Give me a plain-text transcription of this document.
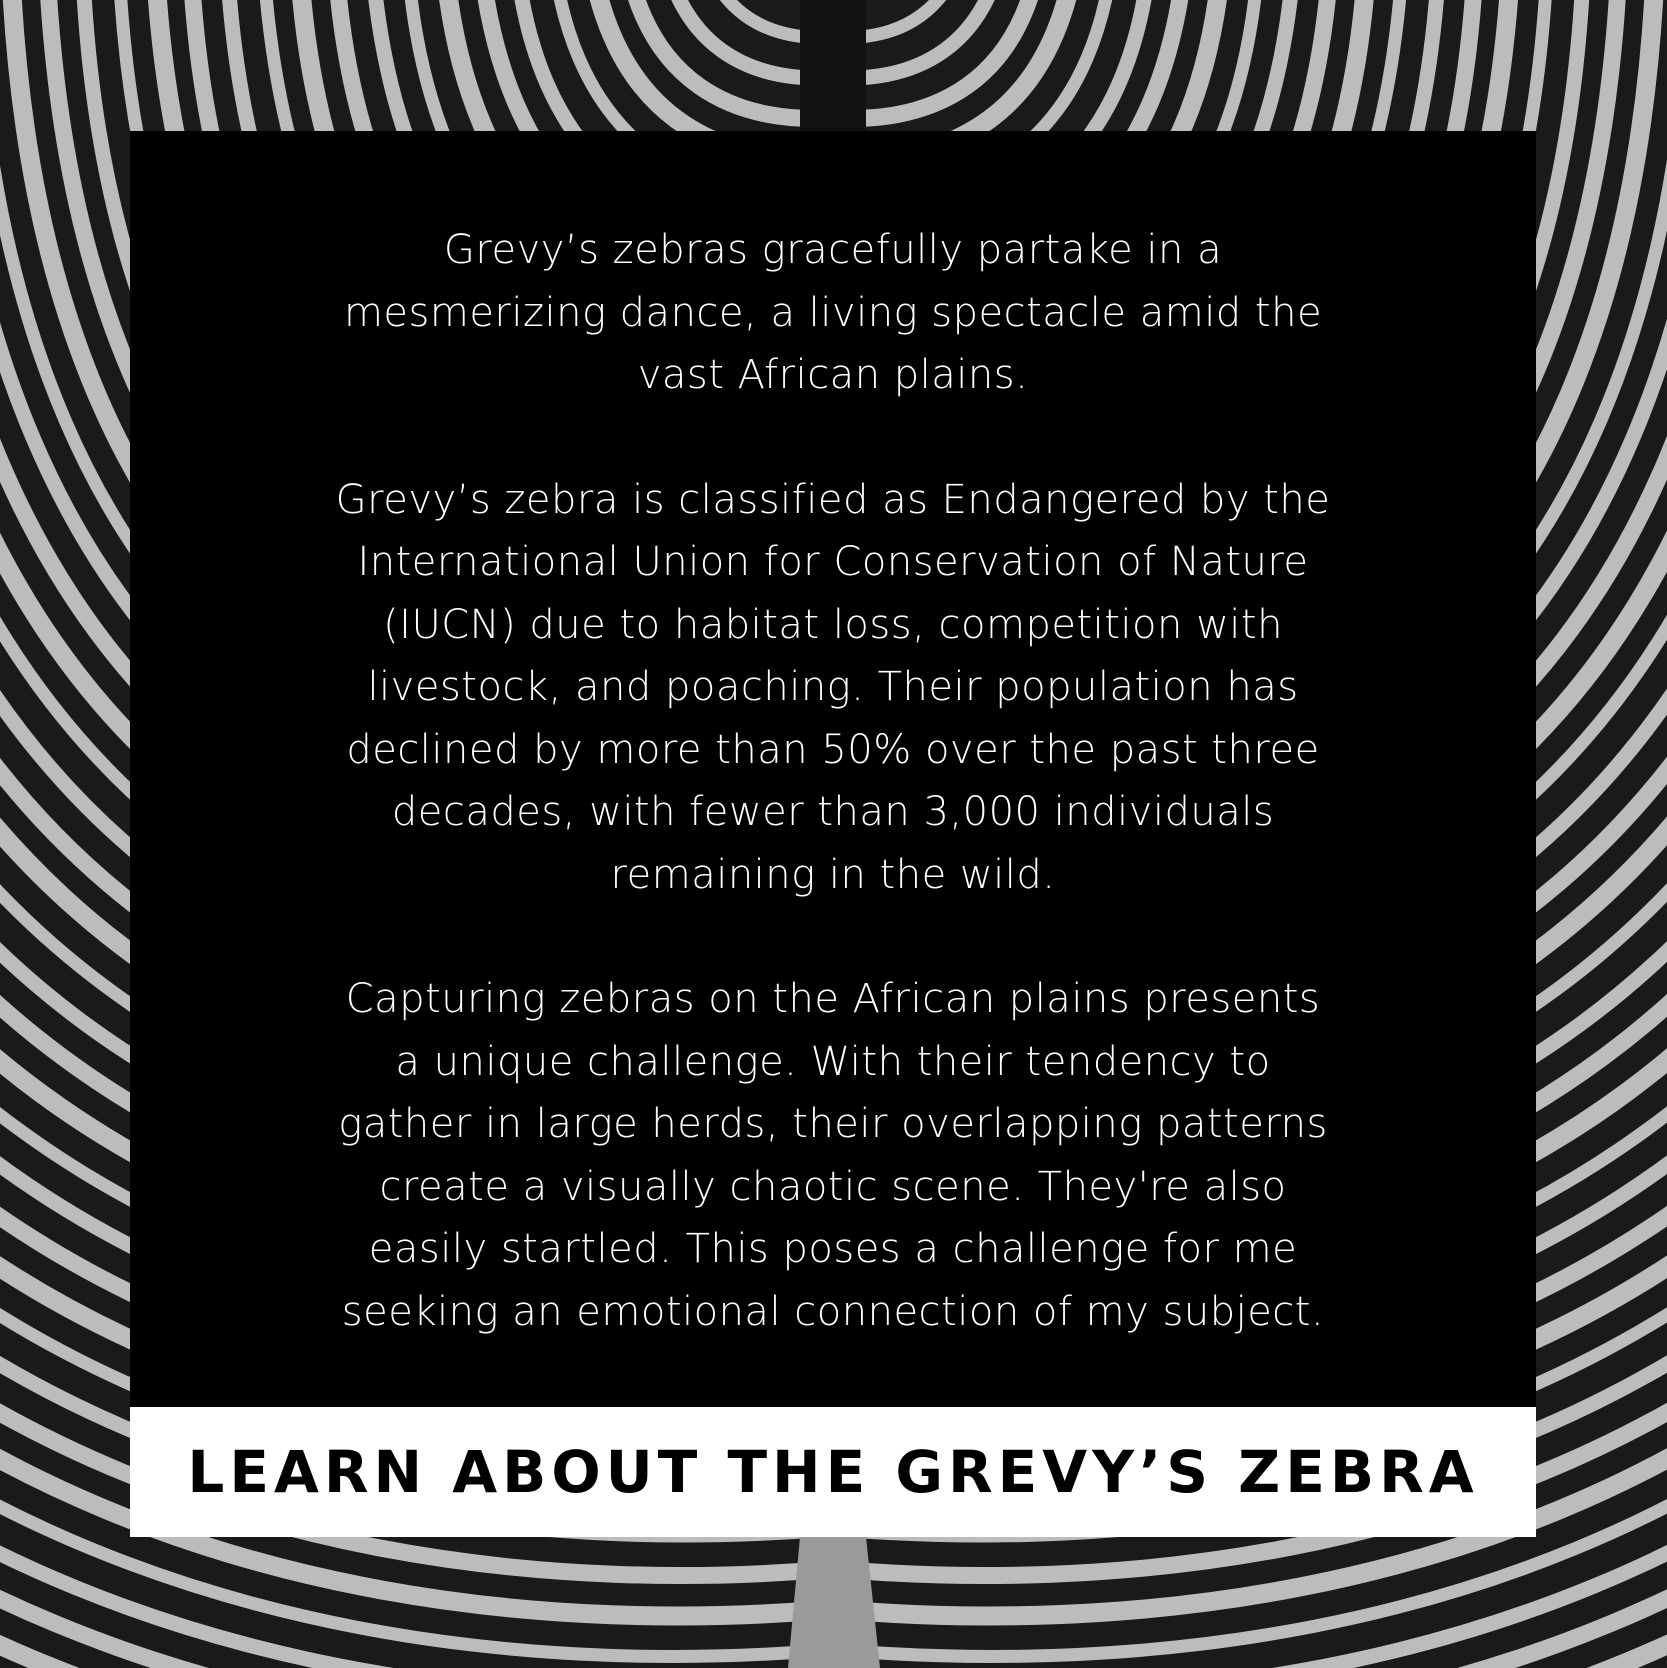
Grevy’s zebras gracefully partake in a
mesmerizing dance, a living spectacle amid the
vast African plains.

Grevy’s zebra is classified as Endangered by the
International Union for Conservation of Nature
(IUCN) due to habitat loss, competition with
livestock, and poaching. Their population has
declined by more than 50% over the past three
decades, with fewer than 3,000 individuals
remaining in the wild.

Capturing zebras on the African plains presents
a unique challenge. With their tendency to
gather in large herds, their overlapping patterns
create a visually chaotic scene. They're also
easily startled. This poses a challenge for me
seeking an emotional connection of my subject.

LEARN ABOUT THE GREVY’S ZEBRA
